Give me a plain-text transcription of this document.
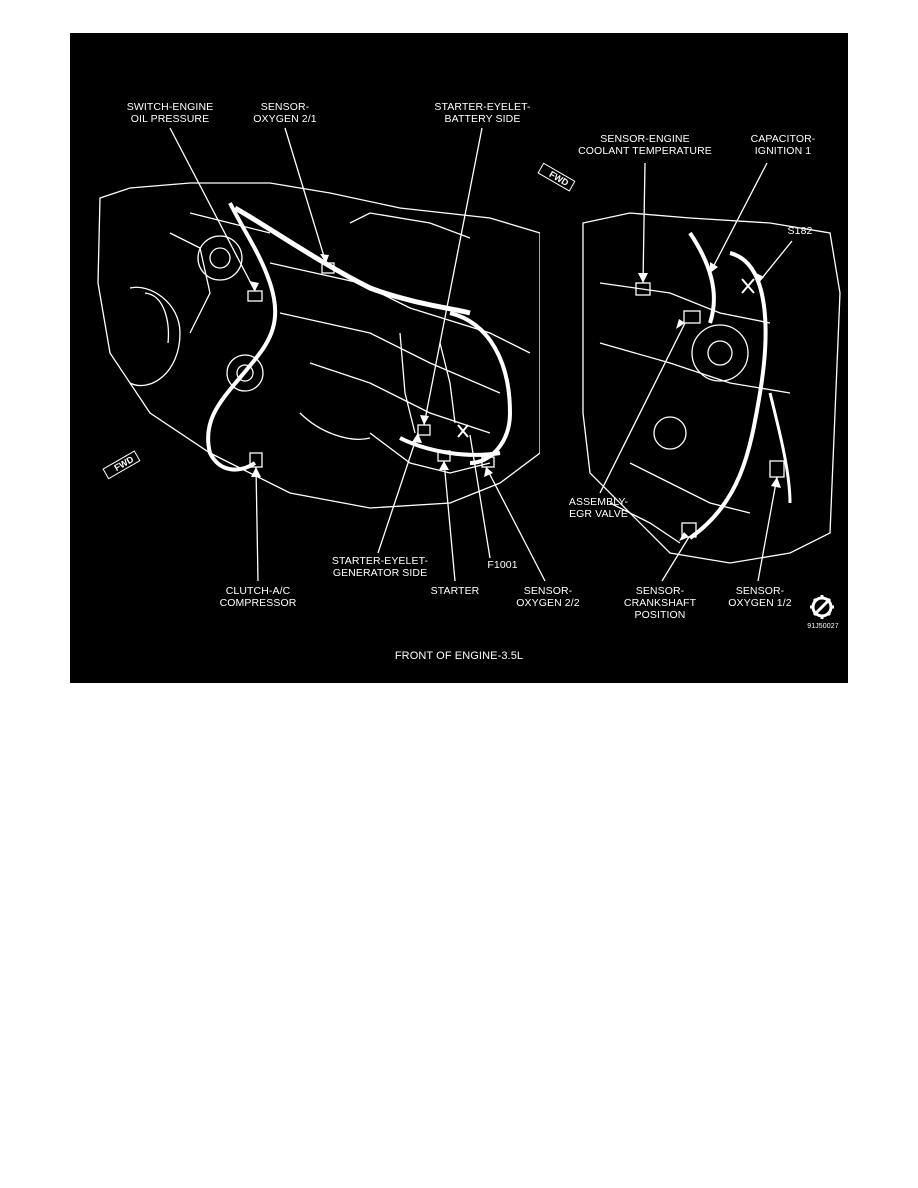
FWD
FWD
SWITCH-ENGINE
OIL PRESSURE
SENSOR-
OXYGEN 2/1
STARTER-EYELET-
BATTERY SIDE
SENSOR-ENGINE
COOLANT TEMPERATURE
CAPACITOR-
IGNITION 1
S182
ASSEMBLY-
EGR VALVE
STARTER-EYELET-
GENERATOR SIDE
F1001
CLUTCH-A/C
COMPRESSOR
STARTER	SENSOR-
OXYGEN 2/2
SENSOR-
CRANKSHAFT
POSITION
SENSOR-
OXYGEN 1/2
91J50027
FRONT OF ENGINE-3.5L
